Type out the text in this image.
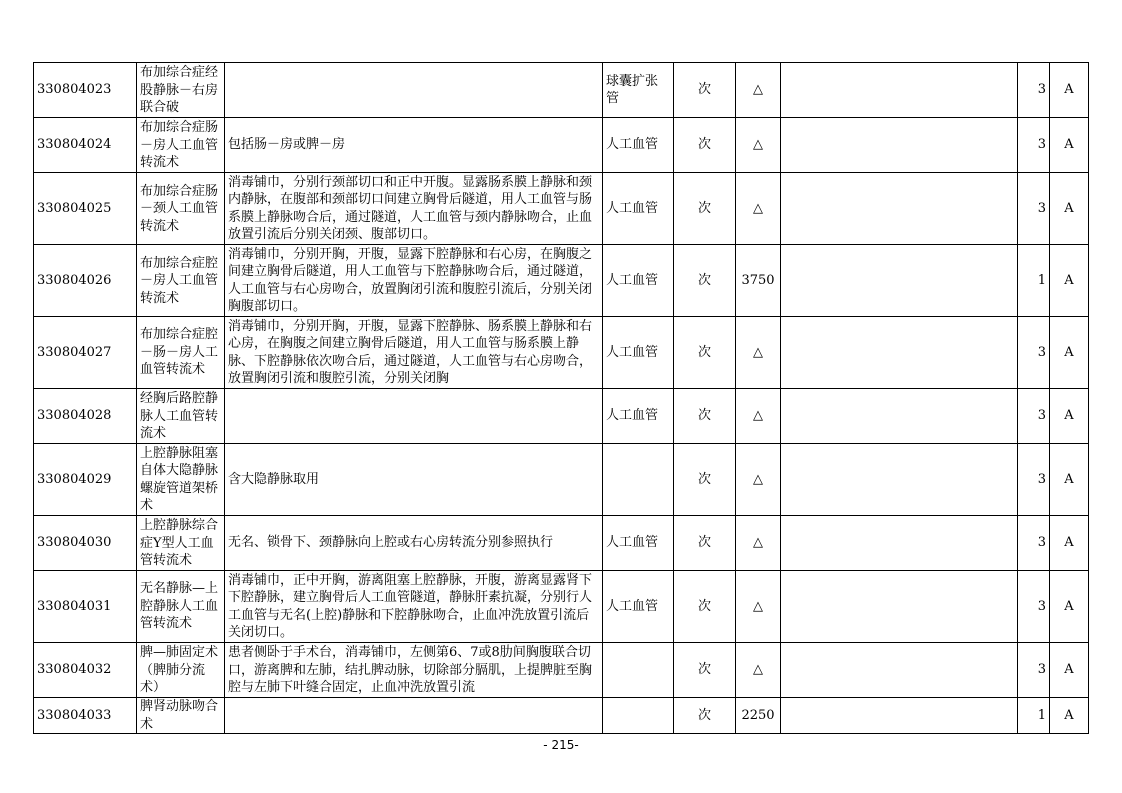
330804023	布加综合症经股静脉－右房联合破		球囊扩张管	次	△		3	A
330804024	布加综合症肠－房人工血管转流术	包括肠－房或脾－房	人工血管	次	△		3	A
330804025	布加综合症肠－颈人工血管转流术	消毒铺巾，分别行颈部切口和正中开腹。显露肠系膜上静脉和颈内静脉，在腹部和颈部切口间建立胸骨后隧道，用人工血管与肠系膜上静脉吻合后，通过隧道，人工血管与颈内静脉吻合，止血放置引流后分别关闭颈、腹部切口。	人工血管	次	△		3	A
330804026	布加综合症腔－房人工血管转流术	消毒铺巾，分别开胸，开腹，显露下腔静脉和右心房，在胸腹之间建立胸骨后隧道，用人工血管与下腔静脉吻合后，通过隧道，人工血管与右心房吻合，放置胸闭引流和腹腔引流后，分别关闭胸腹部切口。	人工血管	次	3750		1	A
330804027	布加综合症腔－肠－房人工血管转流术	消毒铺巾，分别开胸，开腹，显露下腔静脉、肠系膜上静脉和右心房，在胸腹之间建立胸骨后隧道，用人工血管与肠系膜上静脉、下腔静脉依次吻合后，通过隧道，人工血管与右心房吻合，放置胸闭引流和腹腔引流，分别关闭胸	人工血管	次	△		3	A
330804028	经胸后路腔静脉人工血管转流术		人工血管	次	△		3	A
330804029	上腔静脉阻塞自体大隐静脉螺旋管道架桥术	含大隐静脉取用		次	△		3	A
330804030	上腔静脉综合症Y型人工血管转流术	无名、锁骨下、颈静脉向上腔或右心房转流分别参照执行	人工血管	次	△		3	A
330804031	无名静脉—上腔静脉人工血管转流术	消毒铺巾，正中开胸，游离阻塞上腔静脉，开腹，游离显露肾下下腔静脉，建立胸骨后人工血管隧道，静脉肝素抗凝，分别行人工血管与无名(上腔)静脉和下腔静脉吻合，止血冲洗放置引流后关闭切口。	人工血管	次	△		3	A
330804032	脾—肺固定术（脾肺分流术）	患者侧卧于手术台，消毒铺巾，左侧第6、7或8肋间胸腹联合切口，游离脾和左肺，结扎脾动脉，切除部分膈肌，上提脾脏至胸腔与左肺下叶缝合固定，止血冲洗放置引流		次	△		3	A
330804033	脾肾动脉吻合术			次	2250		1	A
- 215-
